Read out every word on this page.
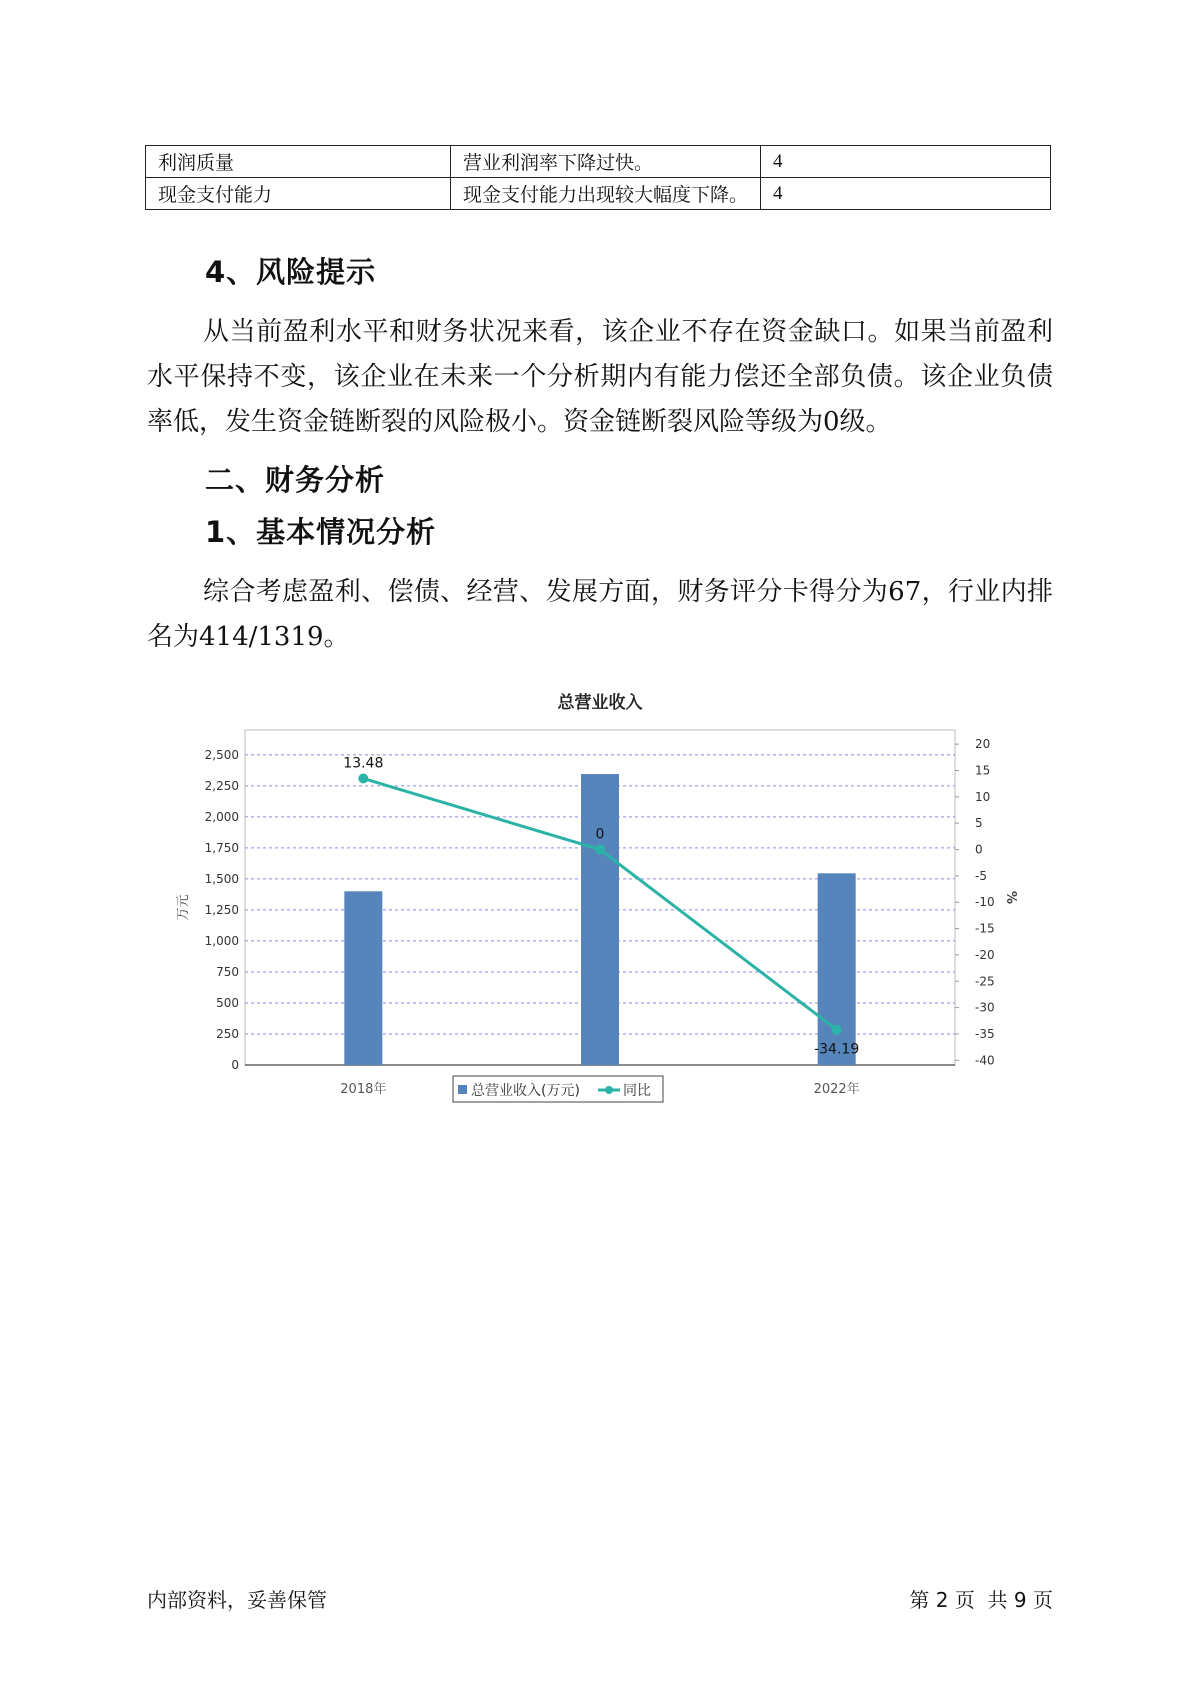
利润质量	营业利润率下降过快。	4
现金支付能力	现金支付能力出现较大幅度下降。	4
4、风险提示
从当前盈利水平和财务状况来看，该企业不存在资金缺口。如果当前盈利水平保持不变，该企业在未来一个分析期内有能力偿还全部负债。该企业负债率低，发生资金链断裂的风险极小。资金链断裂风险等级为0级。
二、财务分析
1、基本情况分析
综合考虑盈利、偿债、经营、发展方面，财务评分卡得分为67，行业内排名为414/1319。
总营业收入
0
250
500
750
1,000
1,250
1,500
1,750
2,000
2,250
2,500
20
15
10
5
0
-5
-10
-15
-20
-25
-30
-35
-40
万元	%
2018年	2022年
13.48
0
-34.19
总营业收入(万元)	同比
内部资料，妥善保管	第 2 页  共 9 页
